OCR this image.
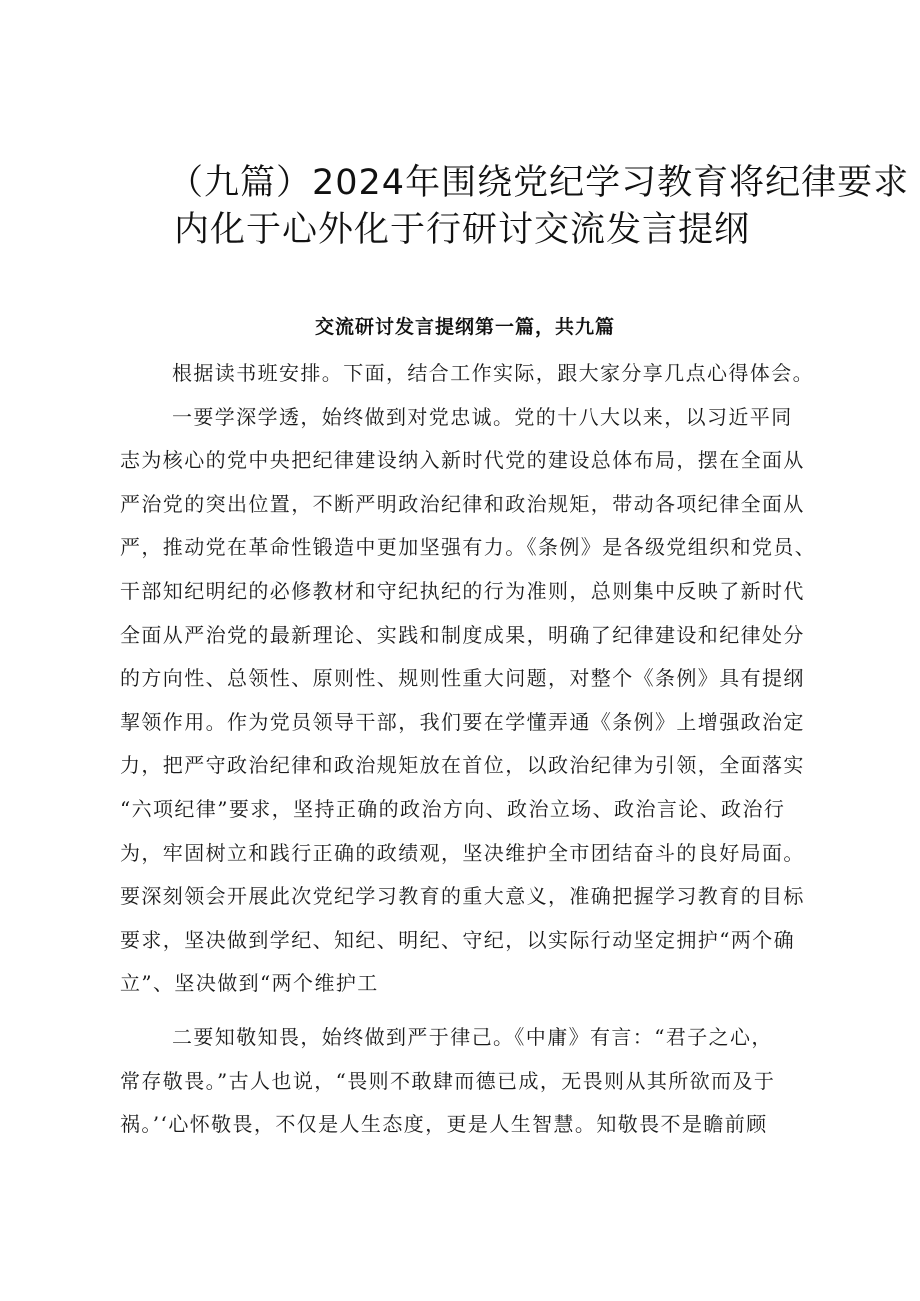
（九篇）2024年围绕党纪学习教育将纪律要求
内化于心外化于行研讨交流发言提纲
交流研讨发言提纲第一篇，共九篇
根据读书班安排。下面，结合工作实际，跟大家分享几点心得体会。
一要学深学透，始终做到对党忠诚。党的十八大以来，以习近平同
志为核心的党中央把纪律建设纳入新时代党的建设总体布局，摆在全面从
严治党的突出位置，不断严明政治纪律和政治规矩，带动各项纪律全面从
严，推动党在革命性锻造中更加坚强有力。《条例》是各级党组织和党员、
干部知纪明纪的必修教材和守纪执纪的行为准则，总则集中反映了新时代
全面从严治党的最新理论、实践和制度成果，明确了纪律建设和纪律处分
的方向性、总领性、原则性、规则性重大问题，对整个《条例》具有提纲
挈领作用。作为党员领导干部，我们要在学懂弄通《条例》上增强政治定
力，把严守政治纪律和政治规矩放在首位，以政治纪律为引领，全面落实
“六项纪律”要求，坚持正确的政治方向、政治立场、政治言论、政治行
为，牢固树立和践行正确的政绩观，坚决维护全市团结奋斗的良好局面。
要深刻领会开展此次党纪学习教育的重大意义，准确把握学习教育的目标
要求，坚决做到学纪、知纪、明纪、守纪，以实际行动坚定拥护“两个确
立”、坚决做到“两个维护工
二要知敬知畏，始终做到严于律己。《中庸》有言：“君子之心，
常存敬畏。”古人也说，“畏则不敢肆而德已成，无畏则从其所欲而及于
祸。’‘心怀敬畏，不仅是人生态度，更是人生智慧。知敬畏不是瞻前顾
